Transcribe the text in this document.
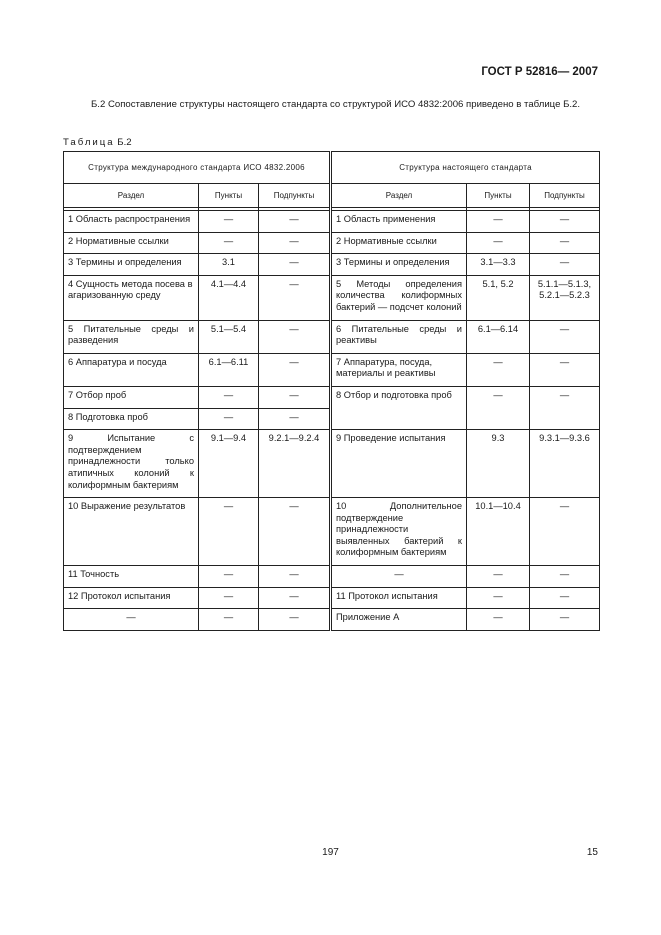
ГОСТ Р 52816— 2007
Б.2 Сопоставление структуры настоящего стандарта со структурой ИСО 4832:2006 приведено в таблице Б.2.
Таблица Б.2
Структура международного стандарта ИСО 4832.2006			Структура настоящего стандарта		
Раздел	Пункты	Подпункты	Раздел	Пункты	Подпункты

1 Область распространения	—	—	1 Область применения	—	—
2 Нормативные ссылки	—	—	2 Нормативные ссылки	—	—
3 Термины и определения	3.1	—	3 Термины и определения	3.1—3.3	—
4 Сущность метода посева в агаризованную среду	4.1—4.4	—	5 Методы определения количества колиформных бактерий — подсчет колоний	5.1, 5.2	5.1.1—5.1.3, 5.2.1—5.2.3
5 Питательные среды и разведения	5.1—5.4	—	6 Питательные среды и реактивы	6.1—6.14	—
6 Аппаратура и посуда	6.1—6.11	—	7 Аппаратура, посуда, материалы и реактивы	—	—
7 Отбор проб	—	—	8 Отбор и подготовка проб	—	—
8 Подготовка проб	—	—			
9 Испытание с подтверждением принадлежности только атипичных колоний к колиформным бактериям	9.1—9.4	9.2.1—9.2.4	9 Проведение испытания	9.3	9.3.1—9.3.6
10 Выражение результатов	—	—	10 Дополнительное подтверждение принадлежности выявленных бактерий к колиформным бактериям	10.1—10.4	—
11 Точность	—	—	—	—	—
12 Протокол испытания	—	—	11 Протокол испытания	—	—
—	—	—	Приложение А	—	—
197	15
